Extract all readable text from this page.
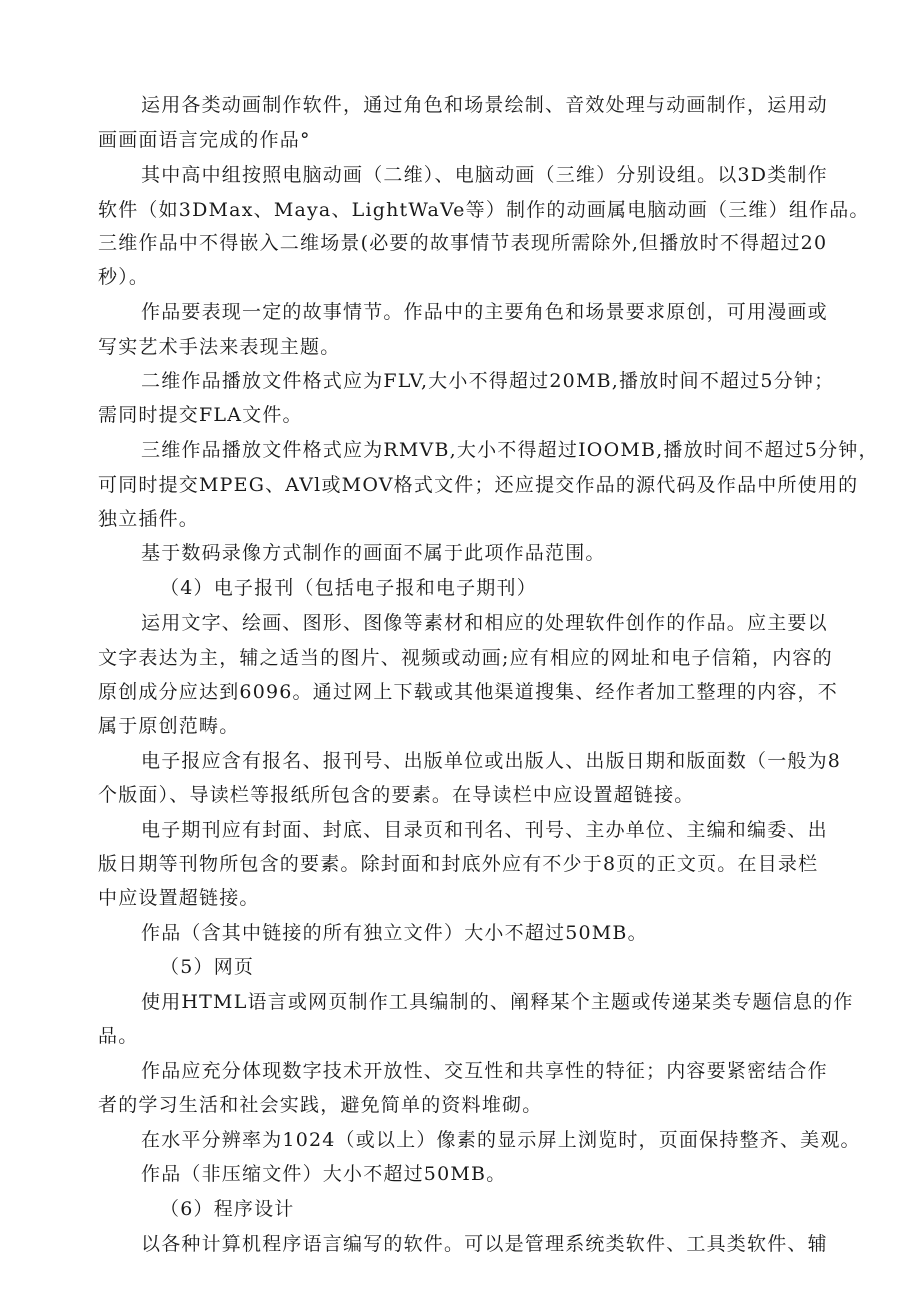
运用各类动画制作软件，通过角色和场景绘制、音效处理与动画制作，运用动
画画面语言完成的作品°
其中高中组按照电脑动画（二维）、电脑动画（三维）分别设组。以3D类制作
软件（如3DMax、Maya、LightWaVe等）制作的动画属电脑动画（三维）组作品。
三维作品中不得嵌入二维场景(必要的故事情节表现所需除外,但播放时不得超过20
秒）。
作品要表现一定的故事情节。作品中的主要角色和场景要求原创，可用漫画或
写实艺术手法来表现主题。
二维作品播放文件格式应为FLV,大小不得超过20MB,播放时间不超过5分钟；
需同时提交FLA文件。
三维作品播放文件格式应为RMVB,大小不得超过IOOMB,播放时间不超过5分钟，
可同时提交MPEG、AVl或MOV格式文件；还应提交作品的源代码及作品中所使用的
独立插件。
基于数码录像方式制作的画面不属于此项作品范围。
（4）电子报刊（包括电子报和电子期刊）
运用文字、绘画、图形、图像等素材和相应的处理软件创作的作品。应主要以
文字表达为主，辅之适当的图片、视频或动画;应有相应的网址和电子信箱，内容的
原创成分应达到6096。通过网上下载或其他渠道搜集、经作者加工整理的内容，不
属于原创范畴。
电子报应含有报名、报刊号、出版单位或出版人、出版日期和版面数（一般为8
个版面）、导读栏等报纸所包含的要素。在导读栏中应设置超链接。
电子期刊应有封面、封底、目录页和刊名、刊号、主办单位、主编和编委、出
版日期等刊物所包含的要素。除封面和封底外应有不少于8页的正文页。在目录栏
中应设置超链接。
作品（含其中链接的所有独立文件）大小不超过50MB。
（5）网页
使用HTML语言或网页制作工具编制的、阐释某个主题或传递某类专题信息的作
品。
作品应充分体现数字技术开放性、交互性和共享性的特征；内容要紧密结合作
者的学习生活和社会实践，避免简单的资料堆砌。
在水平分辨率为1024（或以上）像素的显示屏上浏览时，页面保持整齐、美观。
作品（非压缩文件）大小不超过50MB。
（6）程序设计
以各种计算机程序语言编写的软件。可以是管理系统类软件、工具类软件、辅
